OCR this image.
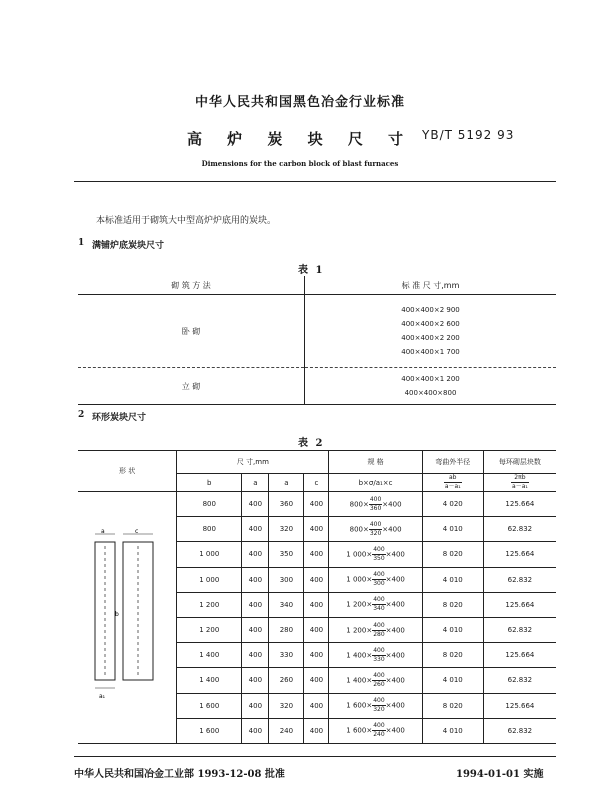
中华人民共和国黑色冶金行业标准
高 炉 炭 块 尺 寸 YB/T 5192 93
Dimensions for the carbon block of blast furnaces
本标准适用于砌筑大中型高炉炉底用的炭块。
1 满铺炉底炭块尺寸
表 1
砌 筑 方 法	标 准 尺 寸,mm
卧 砌	400×400×2 900
400×400×2 600
400×400×2 200
400×400×1 700

立 砌	400×400×1 200
400×400×800
2 环形炭块尺寸
表 2
形 状	尺 寸,mm				规 格	弯曲外半径	每环砌层块数
	b	a	a	c	b×σ/a₁×c	$\frac{ab}{\text{a－a₁}}$	$\frac{2\pi b}{\text{a－a₁}}$

a c
b
a₁	800	400	360	400	$800\times \frac{400}{360} \times 400$	4 020	125.664
	800	400	320	400	$800\times \frac{400}{320} \times 400$	4 010	62.832
	1 000	400	350	400	1 $000\times \frac{400}{350} \times 400$	8 020	125.664
	1 000	400	300	400	1 $000\times \frac{400}{300} \times 400$	4 010	62.832
	1 200	400	340	400	1 $200\times \frac{400}{340} \times 400$	8 020	125.664
	1 200	400	280	400	1 $200\times \frac{400}{280} \times 400$	4 010	62.832
	1 400	400	330	400	1 $400\times \frac{400}{330} \times 400$	8 020	125.664
	1 400	400	260	400	1 $400\times \frac{400}{260} \times 400$	4 010	62.832
	1 600	400	320	400	1 $600\times \frac{400}{320} \times 400$	8 020	125.664
	1 600	400	240	400	1 $600\times \frac{400}{240} \times 400$	4 010	62.832
中华人民共和国冶金工业部 1993-12-08 批准	1994-01-01 实施
